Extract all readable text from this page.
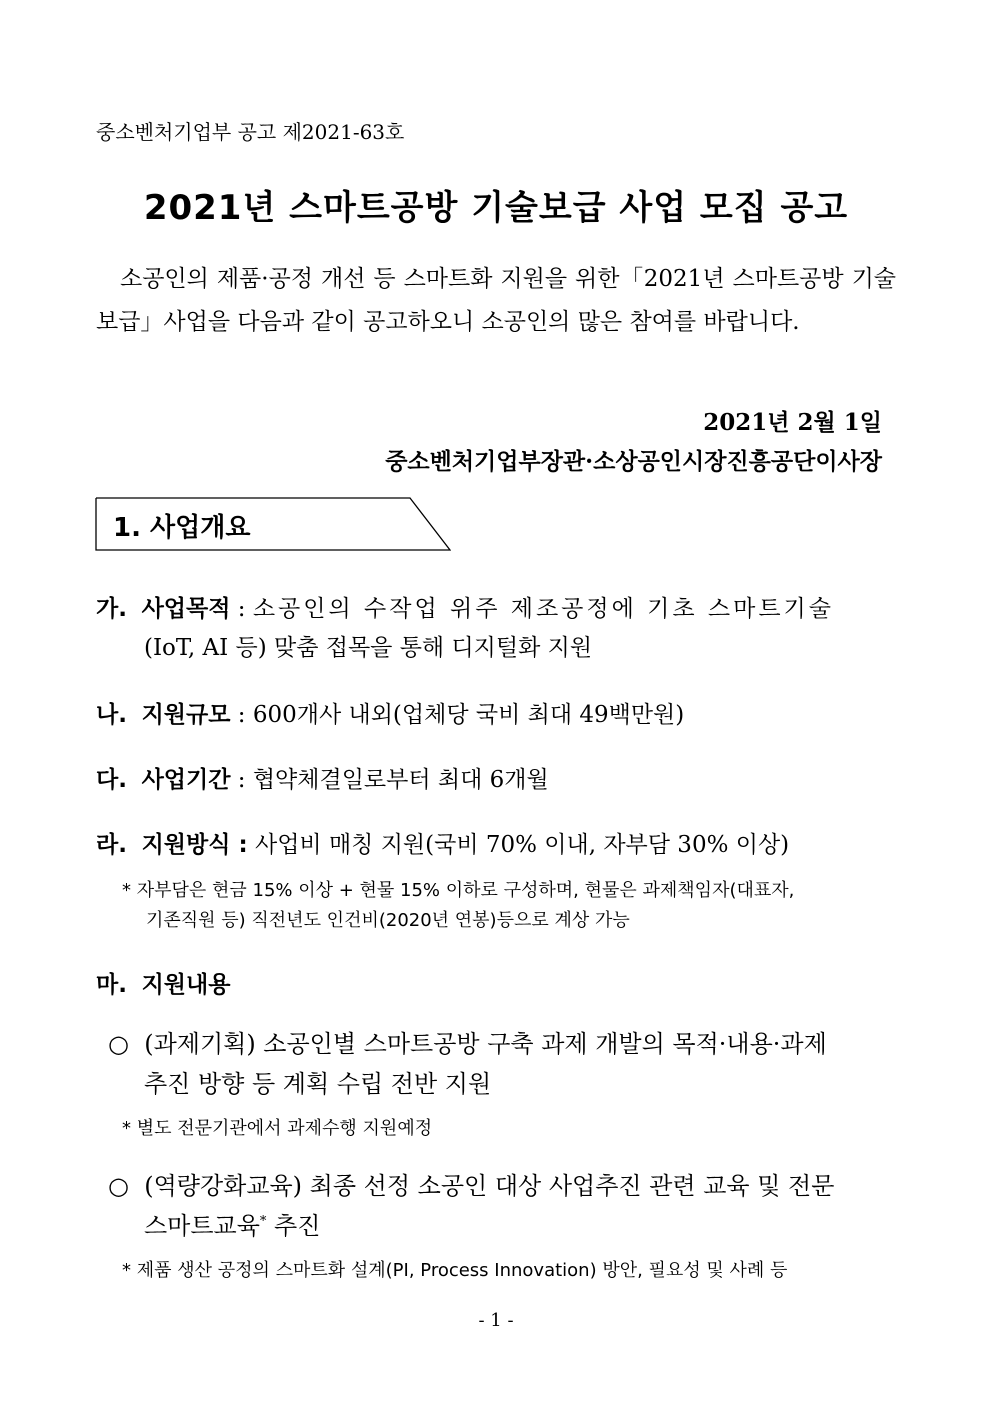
중소벤처기업부 공고 제2021-63호
2021년 스마트공방 기술보급 사업 모집 공고
소공인의 제품·공정 개선 등 스마트화 지원을 위한「2021년 스마트공방 기술보급」사업을 다음과 같이 공고하오니 소공인의 많은 참여를 바랍니다.
2021년 2월 1일
중소벤처기업부장관·소상공인시장진흥공단이사장
1. 사업개요
가. 사업목적 : 소공인의 수작업 위주 제조공정에 기초 스마트기술
(IoT, AI 등) 맞춤 접목을 통해 디지털화 지원
나. 지원규모 : 600개사 내외(업체당 국비 최대 49백만원)
다. 사업기간 : 협약체결일로부터 최대 6개월
라. 지원방식 : 사업비 매칭 지원(국비 70% 이내, 자부담 30% 이상)
* 자부담은 현금 15% 이상 + 현물 15% 이하로 구성하며, 현물은 과제책임자(대표자,
기존직원 등) 직전년도 인건비(2020년 연봉)등으로 계상 가능
마. 지원내용
○ (과제기획) 소공인별 스마트공방 구축 과제 개발의 목적·내용·과제
추진 방향 등 계획 수립 전반 지원
* 별도 전문기관에서 과제수행 지원예정
○ (역량강화교육) 최종 선정 소공인 대상 사업추진 관련 교육 및 전문
스마트교육* 추진
* 제품 생산 공정의 스마트화 설계(PI, Process Innovation) 방안, 필요성 및 사례 등
- 1 -
